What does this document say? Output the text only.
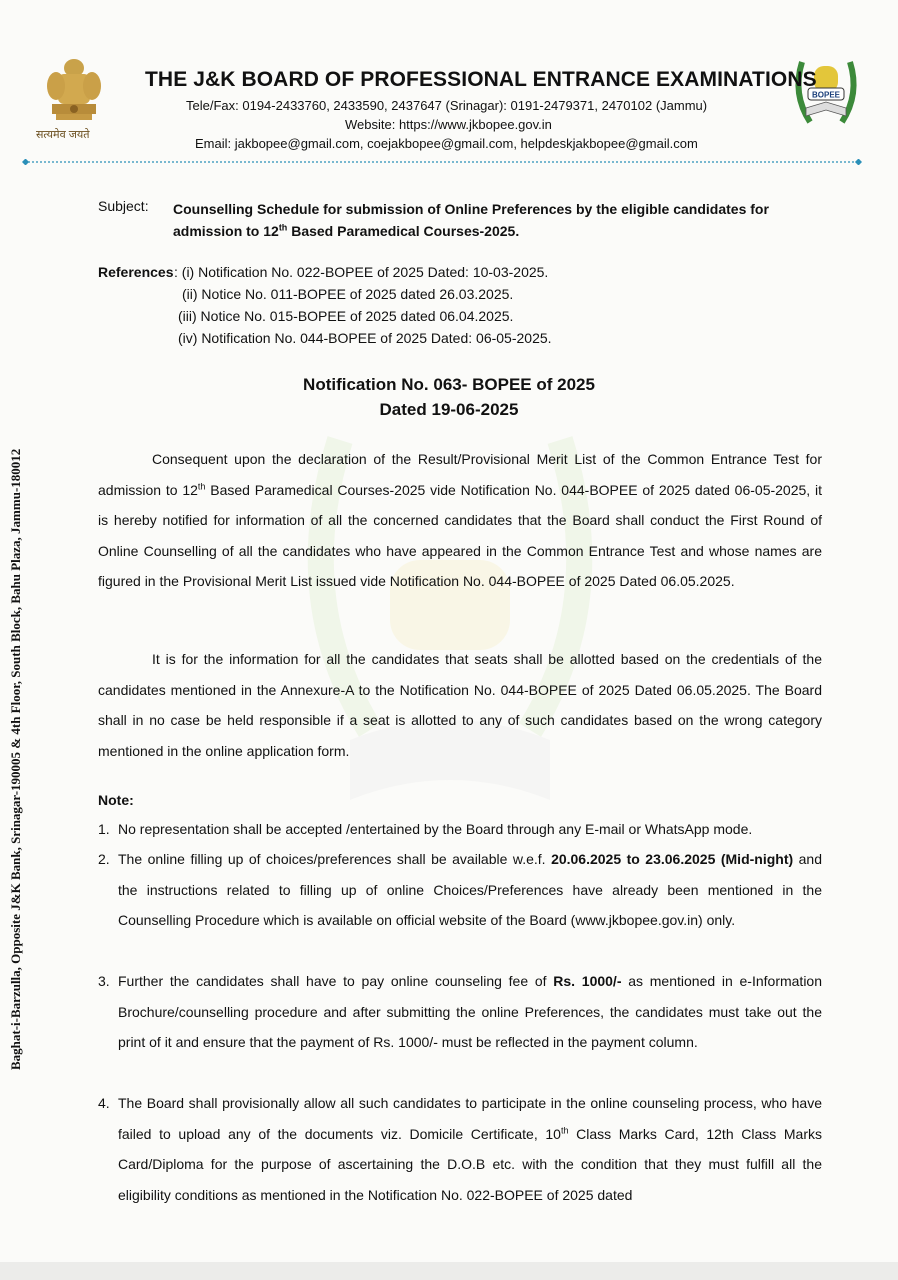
सत्यमेव जयते
BOPEE
THE J&K BOARD OF PROFESSIONAL ENTRANCE EXAMINATIONS
Tele/Fax: 0194-2433760, 2433590, 2437647 (Srinagar): 0191-2479371, 2470102 (Jammu)
Website: https://www.jkbopee.gov.in
Email: jakbopee@gmail.com, coejakbopee@gmail.com, helpdeskjakbopee@gmail.com
Subject: Counselling Schedule for submission of Online Preferences by the eligible candidates for
admission to 12th Based Paramedical Courses-2025.
References : (i) Notification No. 022-BOPEE of 2025 Dated: 10-03-2025.
(ii) Notice No. 011-BOPEE of 2025 dated 26.03.2025.
(iii) Notice No. 015-BOPEE of 2025 dated 06.04.2025.
(iv) Notification No. 044-BOPEE of 2025 Dated: 06-05-2025.
Notification No. 063- BOPEE of 2025
Dated 19-06-2025
Consequent upon the declaration of the Result/Provisional Merit List of the Common Entrance Test for admission to 12th Based Paramedical Courses-2025 vide Notification No. 044-BOPEE of 2025 dated 06-05-2025, it is hereby notified for information of all the concerned candidates that the Board shall conduct the First Round of Online Counselling of all the candidates who have appeared in the Common Entrance Test and whose names are figured in the Provisional Merit List issued vide Notification No. 044-BOPEE of 2025 Dated 06.05.2025.
It is for the information for all the candidates that seats shall be allotted based on the credentials of the candidates mentioned in the Annexure-A to the Notification No. 044-BOPEE of 2025 Dated 06.05.2025. The Board shall in no case be held responsible if a seat is allotted to any of such candidates based on the wrong category mentioned in the online application form.
Note:
1. No representation shall be accepted /entertained by the Board through any E-mail or WhatsApp mode.
2. The online filling up of choices/preferences shall be available w.e.f. 20.06.2025 to 23.06.2025 (Mid-night) and the instructions related to filling up of online Choices/Preferences have already been mentioned in the Counselling Procedure which is available on official website of the Board (www.jkbopee.gov.in) only.
3. Further the candidates shall have to pay online counseling fee of Rs. 1000/- as mentioned in e-Information Brochure/counselling procedure and after submitting the online Preferences, the candidates must take out the print of it and ensure that the payment of Rs. 1000/- must be reflected in the payment column.
4. The Board shall provisionally allow all such candidates to participate in the online counseling process, who have failed to upload any of the documents viz. Domicile Certificate, 10th Class Marks Card, 12th Class Marks Card/Diploma for the purpose of ascertaining the D.O.B etc. with the condition that they must fulfill all the eligibility conditions as mentioned in the Notification No. 022-BOPEE of 2025 dated
Baghat-i-Barzulla, Opposite J&K Bank, Srinagar-190005 & 4th Floor, South Block, Bahu Plaza, Jammu-180012
